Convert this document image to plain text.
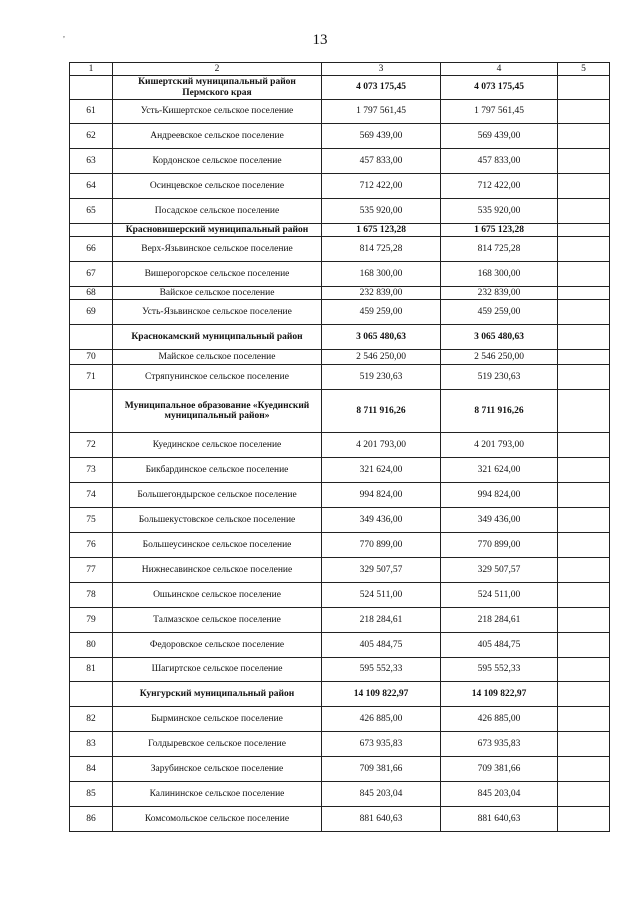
,	13
1	2	3	4	5
	Кишертский муниципальный район Пермского края	4 073 175,45	4 073 175,45	
61	Усть-Кишертское сельское поселение	1 797 561,45	1 797 561,45	
62	Андреевское сельское поселение	569 439,00	569 439,00	
63	Кордонское сельское поселение	457 833,00	457 833,00	
64	Осинцевское сельское поселение	712 422,00	712 422,00	
65	Посадское сельское поселение	535 920,00	535 920,00	
	Красновишерский муниципальный район	1 675 123,28	1 675 123,28	
66	Верх-Язьвинское сельское поселение	814 725,28	814 725,28	
67	Вишерогорское сельское поселение	168 300,00	168 300,00	
68	Вайское сельское поселение	232 839,00	232 839,00	
69	Усть-Язьвинское сельское поселение	459 259,00	459 259,00	
	Краснокамский муниципальный район	3 065 480,63	3 065 480,63	
70	Майское сельское поселение	2 546 250,00	2 546 250,00	
71	Стряпунинское сельское поселение	519 230,63	519 230,63	
	Муниципальное образование «Куединский муниципальный район»	8 711 916,26	8 711 916,26	
72	Куединское сельское поселение	4 201 793,00	4 201 793,00	
73	Бикбардинское сельское поселение	321 624,00	321 624,00	
74	Большегондырское сельское поселение	994 824,00	994 824,00	
75	Большекустовское сельское поселение	349 436,00	349 436,00	
76	Большеусинское сельское поселение	770 899,00	770 899,00	
77	Нижнесавинское сельское поселение	329 507,57	329 507,57	
78	Ошьинское сельское поселение	524 511,00	524 511,00	
79	Талмазское сельское поселение	218 284,61	218 284,61	
80	Федоровское сельское поселение	405 484,75	405 484,75	
81	Шагиртское сельское поселение	595 552,33	595 552,33	
	Кунгурский муниципальный район	14 109 822,97	14 109 822,97	
82	Бырминское сельское поселение	426 885,00	426 885,00	
83	Голдыревское сельское поселение	673 935,83	673 935,83	
84	Зарубинское сельское поселение	709 381,66	709 381,66	
85	Калининское сельское поселение	845 203,04	845 203,04	
86	Комсомольское сельское поселение	881 640,63	881 640,63	
